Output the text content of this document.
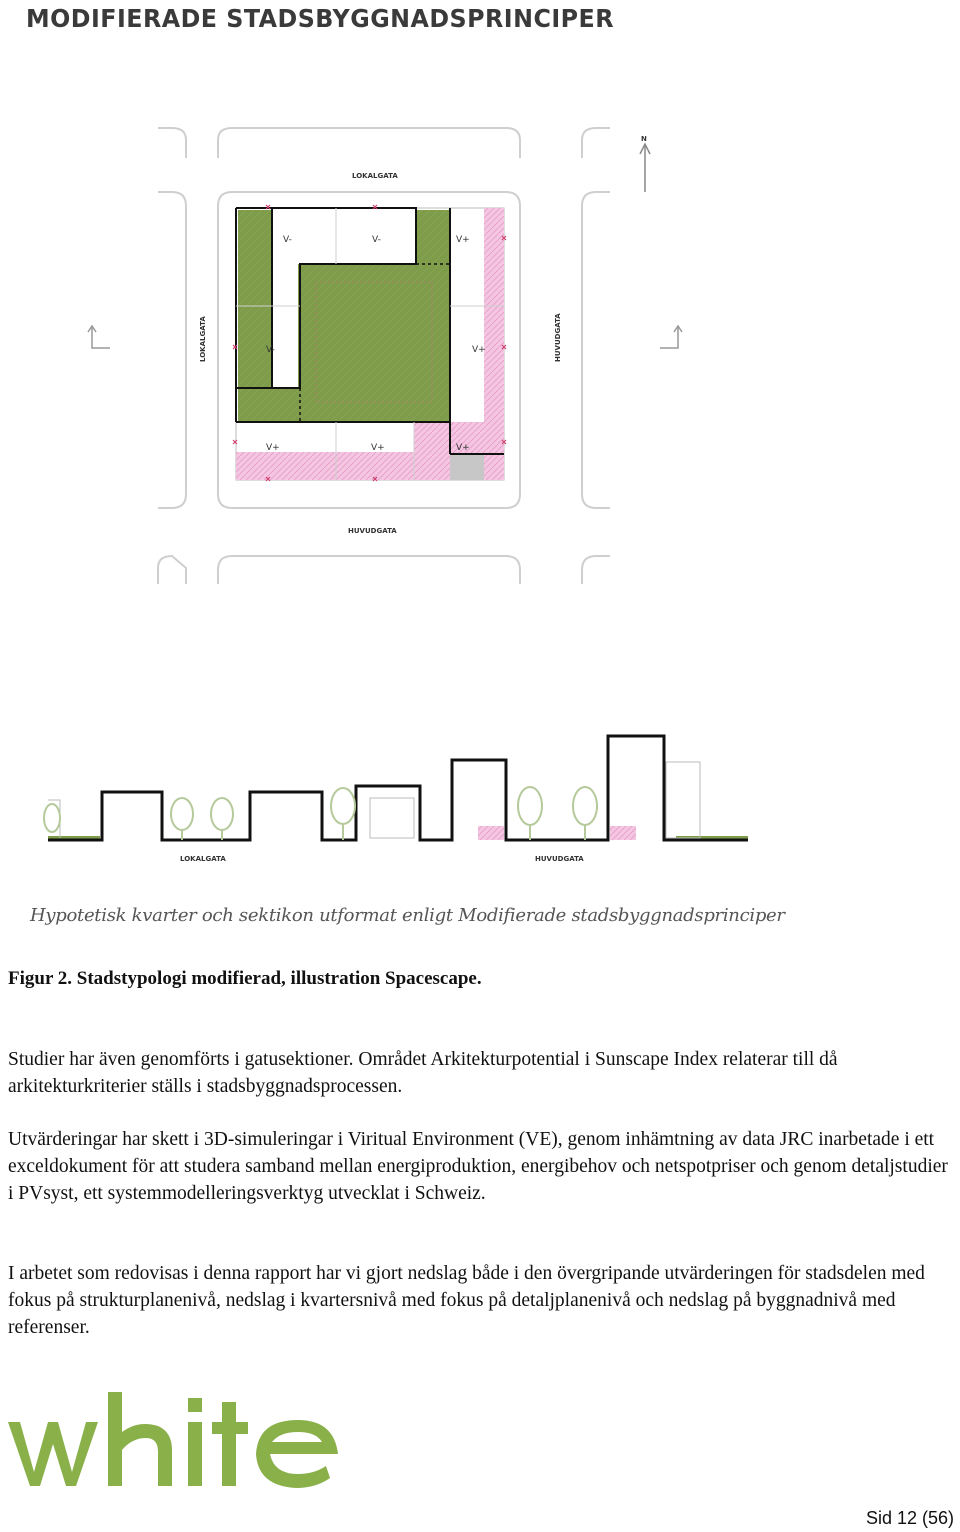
MODIFIERADE STADSBYGGNADSPRINCIPER
N
LOKALGATA
HUVUDGATA
LOKALGATA	HUVUDGATA
V-	V-	V+
V-	V+
V+	V+	V+
LOKALGATA	HUVUDGATA
Hypotetisk kvarter och sektikon utformat enligt Modifierade stadsbyggnadsprinciper
Figur 2. Stadstypologi modifierad, illustration Spacescape.

Studier har även genomförts i gatusektioner. Området Arkitekturpotential i Sunscape Index relaterar till då arkitekturkriterier ställs i stadsbyggnadsprocessen.

Utvärderingar har skett i 3D-simuleringar i Viritual Environment (VE), genom inhämtning av data JRC inarbetade i ett exceldokument för att studera samband mellan energiproduktion, energibehov och netspotpriser och genom detaljstudier i PVsyst, ett systemmodelleringsverktyg utvecklat i Schweiz.

I arbetet som redovisas i denna rapport har vi gjort nedslag både i den övergripande utvärderingen för stadsdelen med fokus på strukturplanenivå, nedslag i kvartersnivå med fokus på detaljplanenivå och nedslag på byggnadnivå med referenser.

Sid 12 (56)
